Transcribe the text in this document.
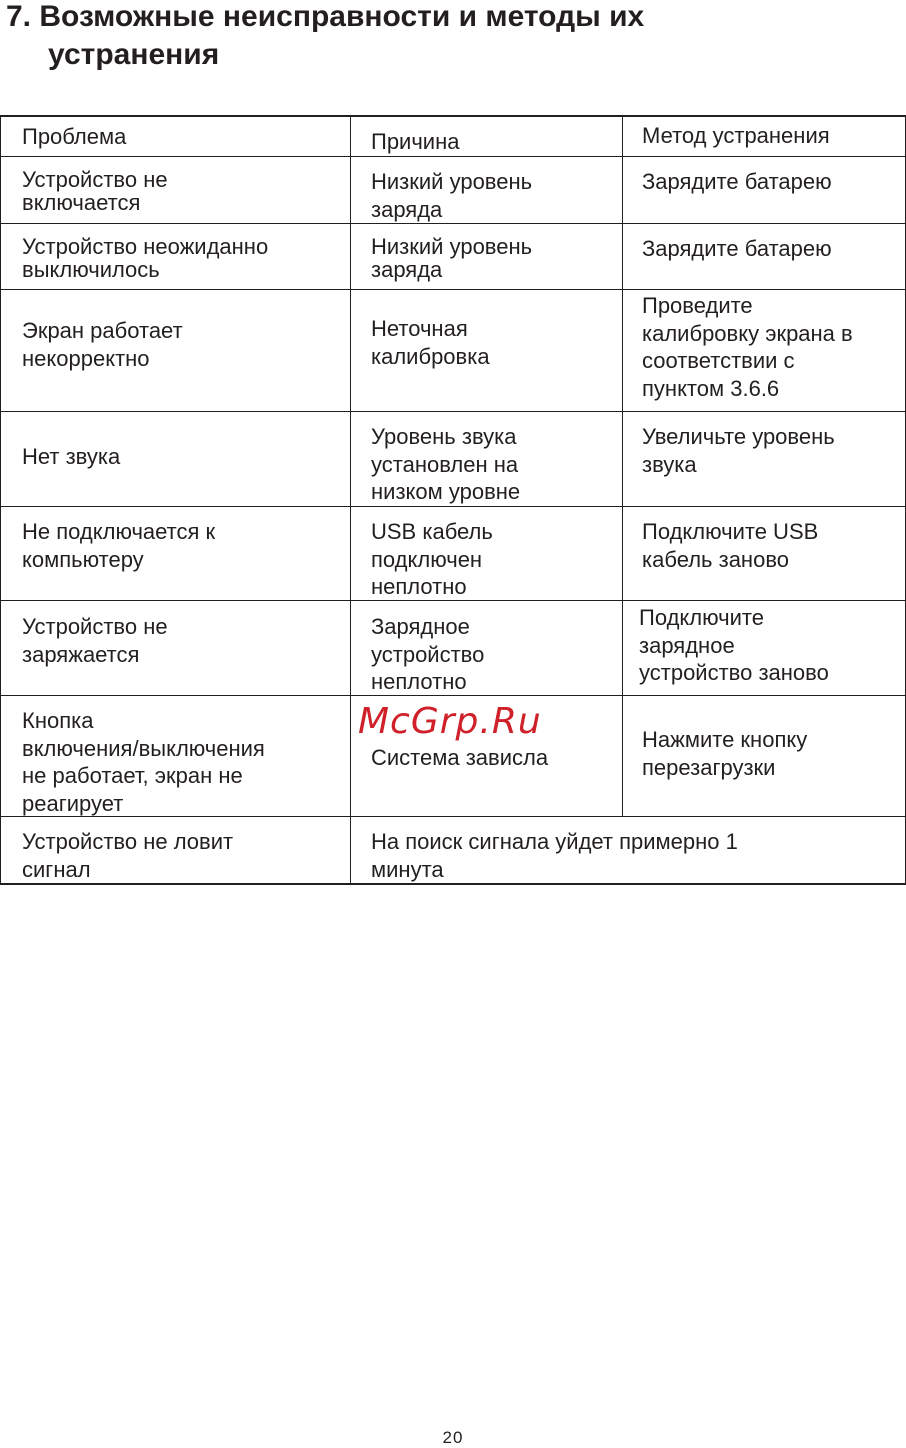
7. Возможные неисправности и методы их
устранения
Проблема	Причина	Метод устранения
Устройство не
включается
Низкий уровень
заряда
Зарядите батарею
Устройство неожиданно
выключилось
Низкий уровень
заряда
Зарядите батарею
Экран работает
некорректно
Неточная
калибровка
Проведите
калибровку экрана в
соответствии с
пунктом 3.6.6
Нет звука
Уровень звука
установлен на
низком уровне
Увеличьте уровень
звука
Не подключается к
компьютеру
USB кабель
подключен
неплотно
Подключите USB
кабель заново
Устройство не
заряжается
Зарядное
устройство
неплотно
Подключите
зарядное
устройство заново
Кнопка
включения/выключения
не работает, экран не
реагирует
Система зависла
Нажмите кнопку
перезагрузки
Устройство не ловит
сигнал
На поиск сигнала уйдет примерно 1
минута
McGrp.Ru
20
